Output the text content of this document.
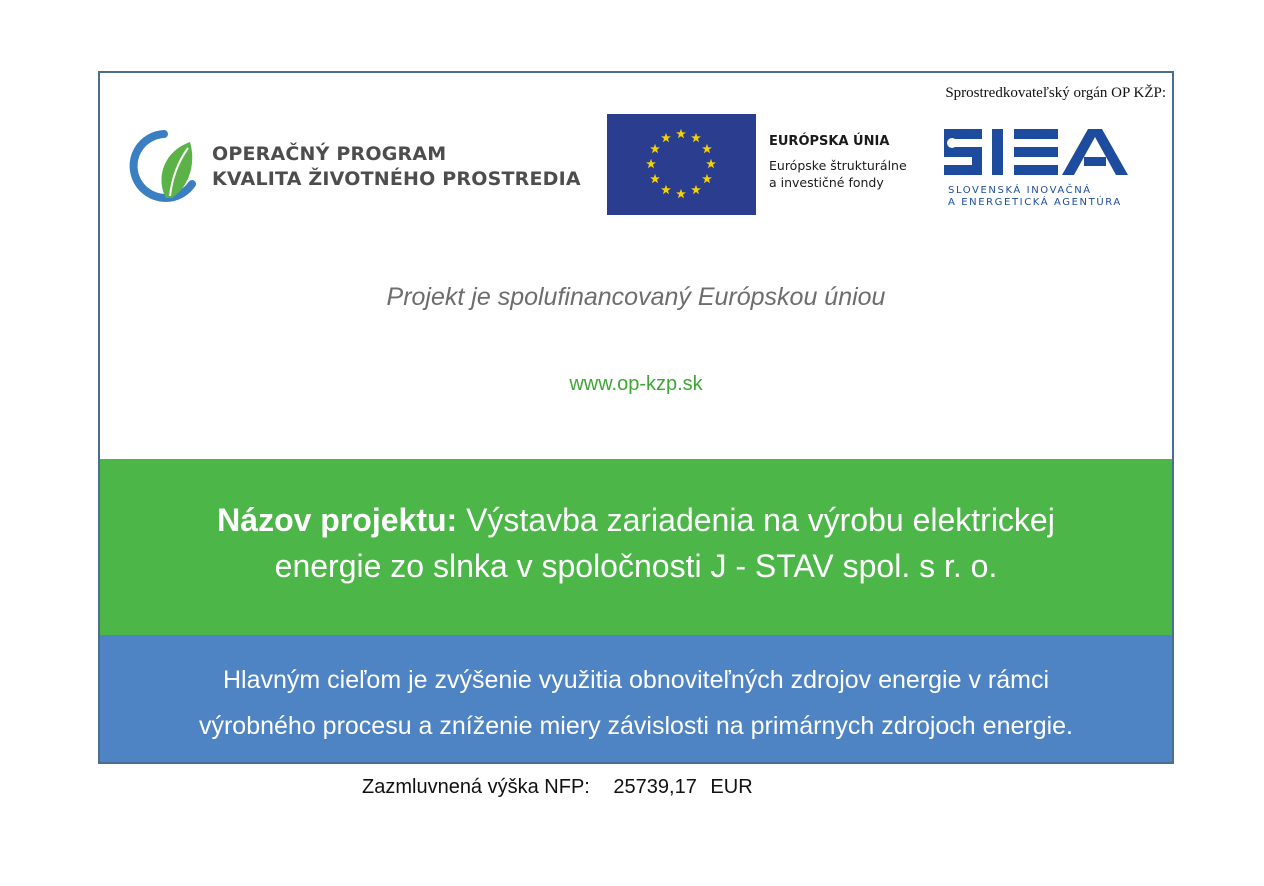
Sprostredkovateľský orgán OP KŽP:
OPERAČNÝ PROGRAM
KVALITA ŽIVOTNÉHO PROSTREDIA
EURÓPSKA ÚNIA
Európske štrukturálne
a investičné fondy
SLOVENSKÁ INOVAČNÁ
A ENERGETICKÁ AGENTÚRA
Projekt je spolufinancovaný Európskou úniou
www.op-kzp.sk
Názov projektu: Výstavba zariadenia na výrobu elektrickej
energie zo slnka v spoločnosti J - STAV spol. s r. o.
Hlavným cieľom je zvýšenie využitia obnoviteľných zdrojov energie v rámci
výrobného procesu a zníženie miery závislosti na primárnych zdrojoch energie.
Zazmluvnená výška NFP: 25739,17 EUR
